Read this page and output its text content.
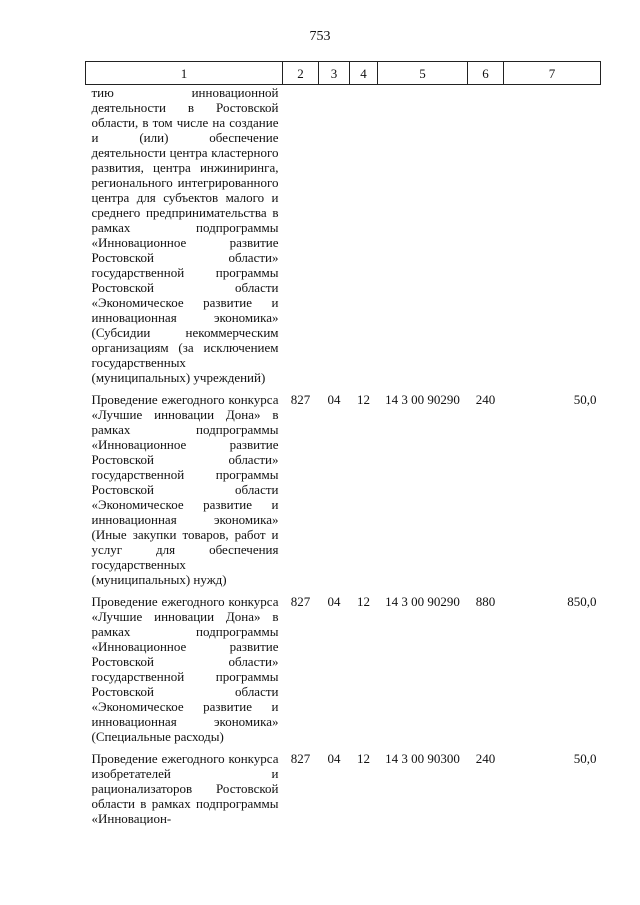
753
1	2	3	4	5	6	7
тию инновационной деятельности в Ростовской области, в том числе на создание и (или) обеспечение деятельности центра кластерного развития, центра инжиниринга, регионального интегрированного центра для субъектов малого и среднего предпринимательства в рамках подпрограммы «Инновационное развитие Ростовской области» государственной программы Ростовской области «Экономическое развитие и инновационная экономика» (Субсидии некоммерческим организациям (за исключением государственных (муниципальных) учреждений)						
Проведение ежегодного конкурса «Лучшие инновации Дона» в рамках подпрограммы «Инновационное развитие Ростовской области» государственной программы Ростовской области «Экономическое развитие и инновационная экономика» (Иные закупки товаров, работ и услуг для обеспечения государственных (муниципальных) нужд)	827	04	12	14 3 00 90290	240	50,0
Проведение ежегодного конкурса «Лучшие инновации Дона» в рамках подпрограммы «Инновационное развитие Ростовской области» государственной программы Ростовской области «Экономическое развитие и инновационная экономика» (Специальные расходы)	827	04	12	14 3 00 90290	880	850,0
Проведение ежегодного конкурса изобретателей и рационализаторов Ростовской области в рамках подпрограммы «Инновацион-	827	04	12	14 3 00 90300	240	50,0
